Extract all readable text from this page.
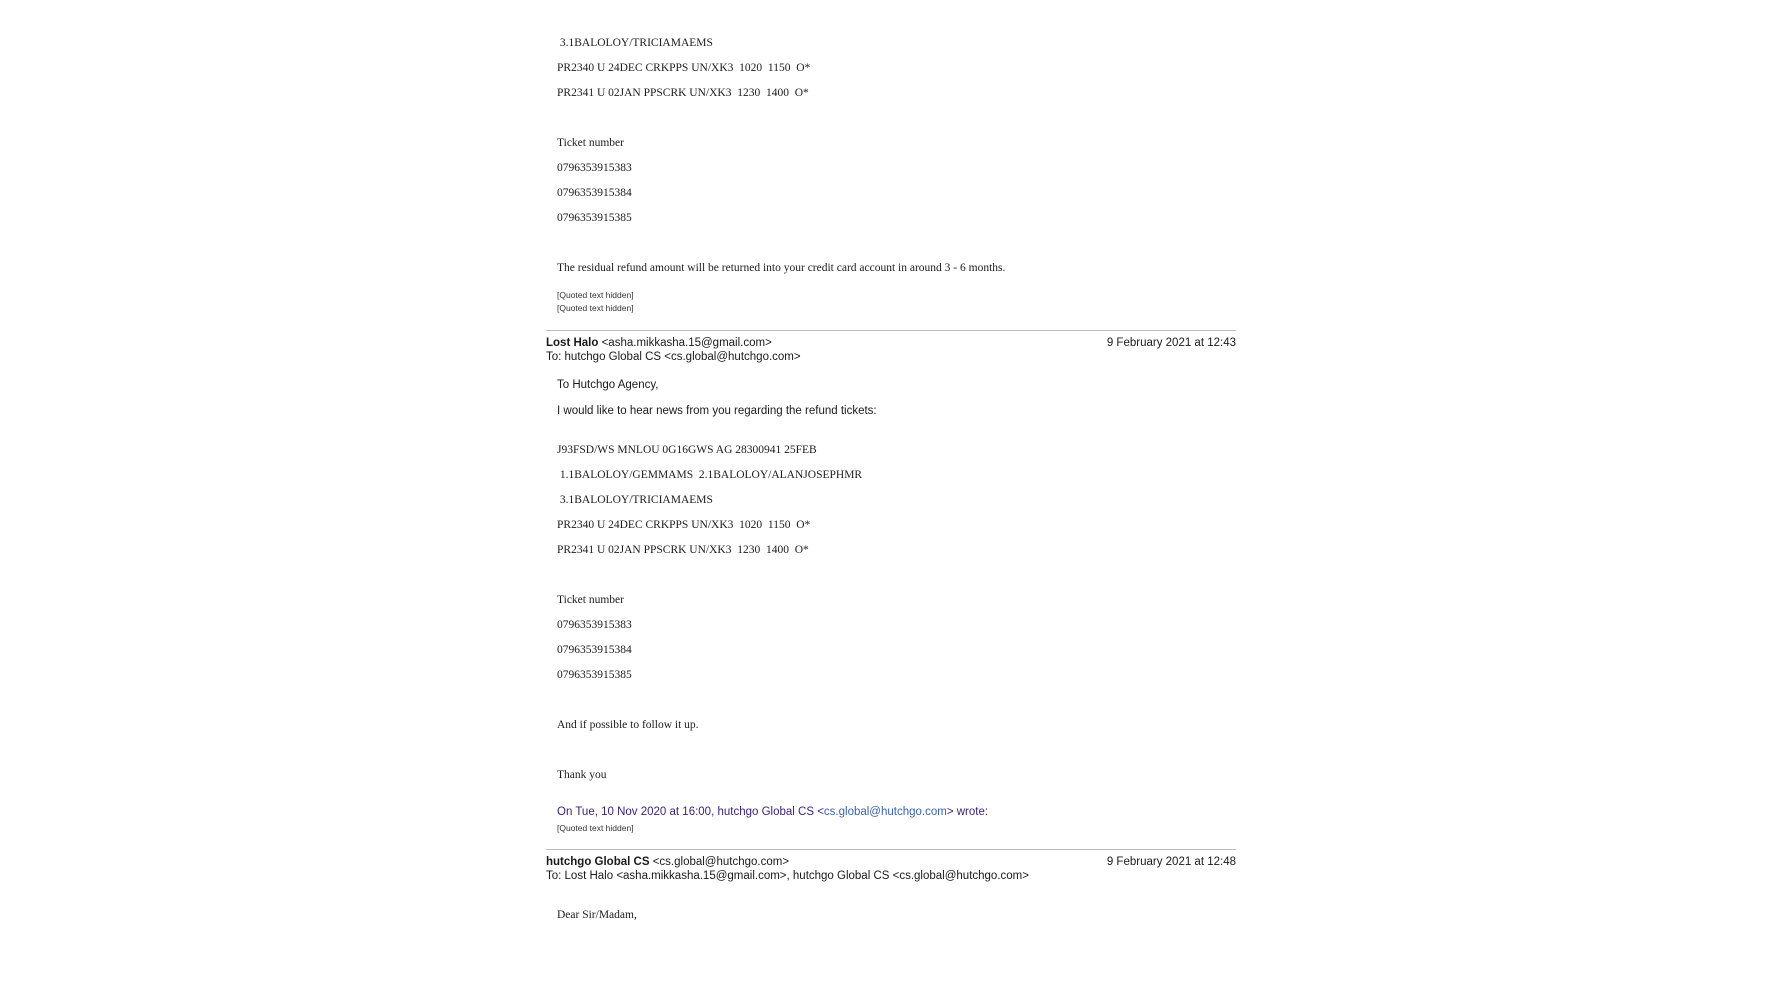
3.1BALOLOY/TRICIAMAEMS
PR2340 U 24DEC CRKPPS UN/XK3  1020  1150  O*
PR2341 U 02JAN PPSCRK UN/XK3  1230  1400  O*
Ticket number
0796353915383
0796353915384
0796353915385
The residual refund amount will be returned into your credit card account in around 3 - 6 months.
[Quoted text hidden]
[Quoted text hidden]
Lost Halo <asha.mikkasha.15@gmail.com>	9 February 2021 at 12:43
To: hutchgo Global CS <cs.global@hutchgo.com>
To Hutchgo Agency,
I would like to hear news from you regarding the refund tickets:
J93FSD/WS MNLOU 0G16GWS AG 28300941 25FEB
1.1BALOLOY/GEMMAMS  2.1BALOLOY/ALANJOSEPHMR
3.1BALOLOY/TRICIAMAEMS
PR2340 U 24DEC CRKPPS UN/XK3  1020  1150  O*
PR2341 U 02JAN PPSCRK UN/XK3  1230  1400  O*
Ticket number
0796353915383
0796353915384
0796353915385
And if possible to follow it up.
Thank you
On Tue, 10 Nov 2020 at 16:00, hutchgo Global CS <cs.global@hutchgo.com> wrote:
[Quoted text hidden]
hutchgo Global CS <cs.global@hutchgo.com>	9 February 2021 at 12:48
To: Lost Halo <asha.mikkasha.15@gmail.com>, hutchgo Global CS <cs.global@hutchgo.com>
Dear Sir/Madam,
